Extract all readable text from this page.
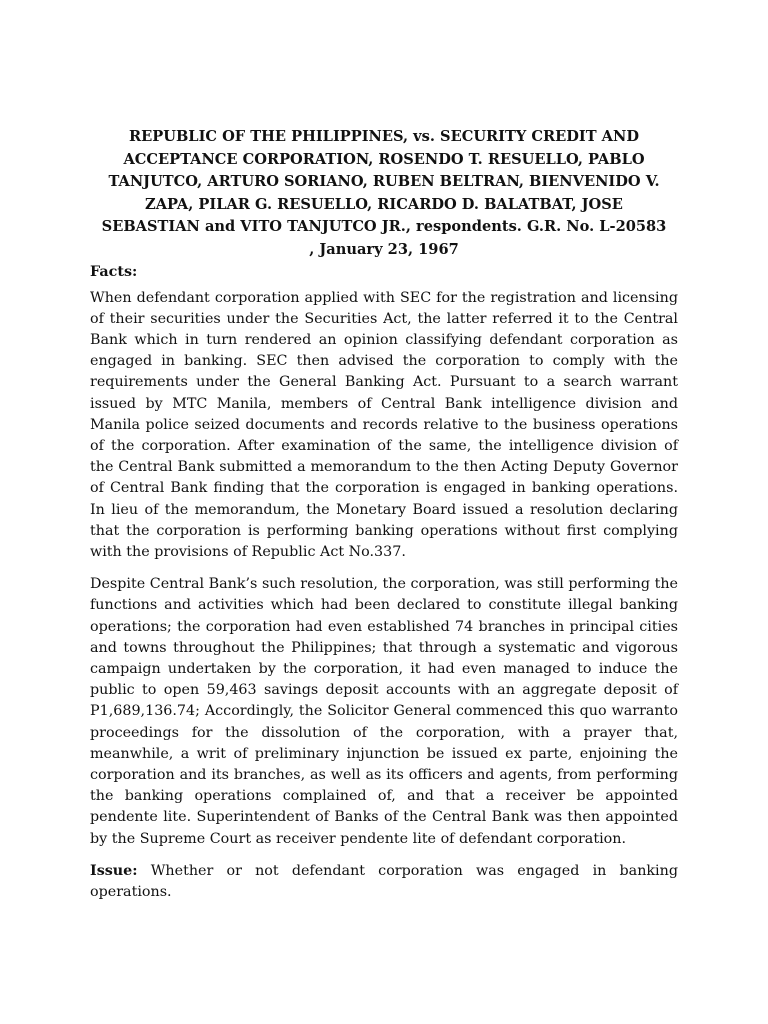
REPUBLIC OF THE PHILIPPINES, vs. SECURITY CREDIT AND ACCEPTANCE CORPORATION, ROSENDO T. RESUELLO, PABLO TANJUTCO, ARTURO SORIANO, RUBEN BELTRAN, BIENVENIDO V. ZAPA, PILAR G. RESUELLO, RICARDO D. BALATBAT, JOSE SEBASTIAN and VITO TANJUTCO JR., respondents. G.R. No. L-20583 , January 23, 1967

Facts:

When defendant corporation applied with SEC for the registration and licensing of their securities under the Securities Act, the latter referred it to the Central Bank which in turn rendered an opinion classifying defendant corporation as engaged in banking. SEC then advised the corporation to comply with the requirements under the General Banking Act. Pursuant to a search warrant issued by MTC Manila, members of Central Bank intelligence division and Manila police seized documents and records relative to the business operations of the corporation. After examination of the same, the intelligence division of the Central Bank submitted a memorandum to the then Acting Deputy Governor of Central Bank finding that the corporation is engaged in banking operations. In lieu of the memorandum, the Monetary Board issued a resolution declaring that the corporation is performing banking operations without first complying with the provisions of Republic Act No.337.

Despite Central Bank’s such resolution, the corporation, was still performing the functions and activities which had been declared to constitute illegal banking operations; the corporation had even established 74 branches in principal cities and towns throughout the Philippines; that through a systematic and vigorous campaign undertaken by the corporation, it had even managed to induce the public to open 59,463 savings deposit accounts with an aggregate deposit of P1,689,136.74; Accordingly, the Solicitor General commenced this quo warranto proceedings for the dissolution of the corporation, with a prayer that, meanwhile, a writ of preliminary injunction be issued ex parte, enjoining the corporation and its branches, as well as its officers and agents, from performing the banking operations complained of, and that a receiver be appointed pendente lite. Superintendent of Banks of the Central Bank was then appointed by the Supreme Court as receiver pendente lite of defendant corporation.

Issue: Whether or not defendant corporation was engaged in banking operations.
